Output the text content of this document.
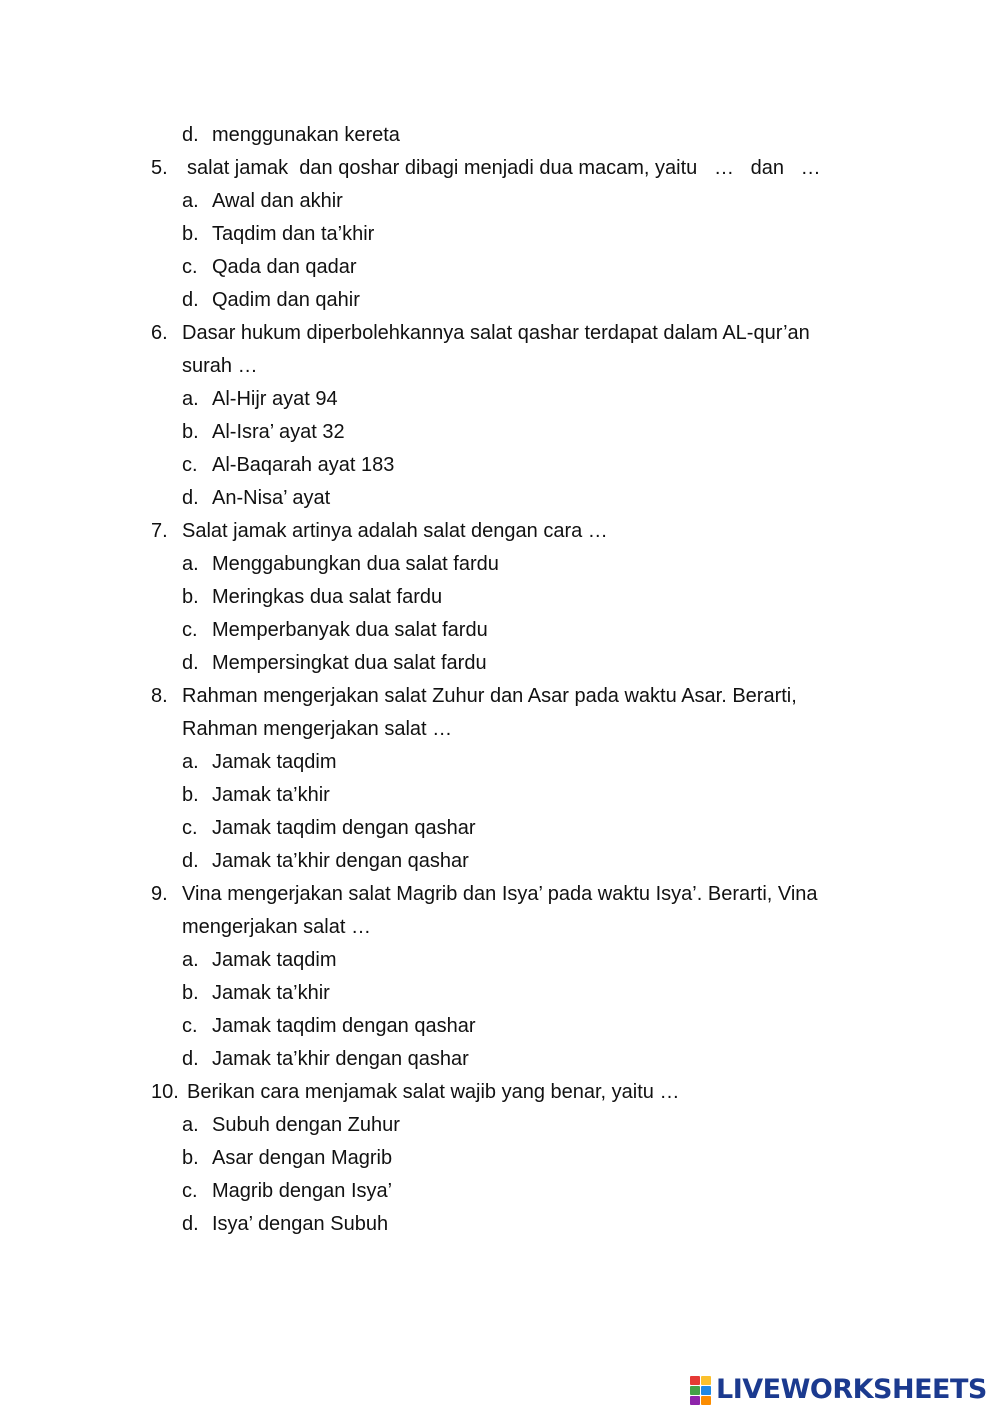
d. menggunakan kereta
5. salat jamak  dan qoshar dibagi menjadi dua macam, yaitu   …   dan   …
a. Awal dan akhir
b. Taqdim dan ta’khir
c. Qada dan qadar
d. Qadim dan qahir
6. Dasar hukum diperbolehkannya salat qashar terdapat dalam AL-qur’an
surah …
a. Al-Hijr ayat 94
b. Al-Isra’ ayat 32
c. Al-Baqarah ayat 183
d. An-Nisa’ ayat
7. Salat jamak artinya adalah salat dengan cara …
a. Menggabungkan dua salat fardu
b. Meringkas dua salat fardu
c. Memperbanyak dua salat fardu
d. Mempersingkat dua salat fardu
8. Rahman mengerjakan salat Zuhur dan Asar pada waktu Asar. Berarti,
Rahman mengerjakan salat …
a. Jamak taqdim
b. Jamak ta’khir
c. Jamak taqdim dengan qashar
d. Jamak ta’khir dengan qashar
9. Vina mengerjakan salat Magrib dan Isya’ pada waktu Isya’. Berarti, Vina
mengerjakan salat …
a. Jamak taqdim
b. Jamak ta’khir
c. Jamak taqdim dengan qashar
d. Jamak ta’khir dengan qashar
10. Berikan cara menjamak salat wajib yang benar, yaitu …
a. Subuh dengan Zuhur
b. Asar dengan Magrib
c. Magrib dengan Isya’
d. Isya’ dengan Subuh
LIVEWORKSHEETS
